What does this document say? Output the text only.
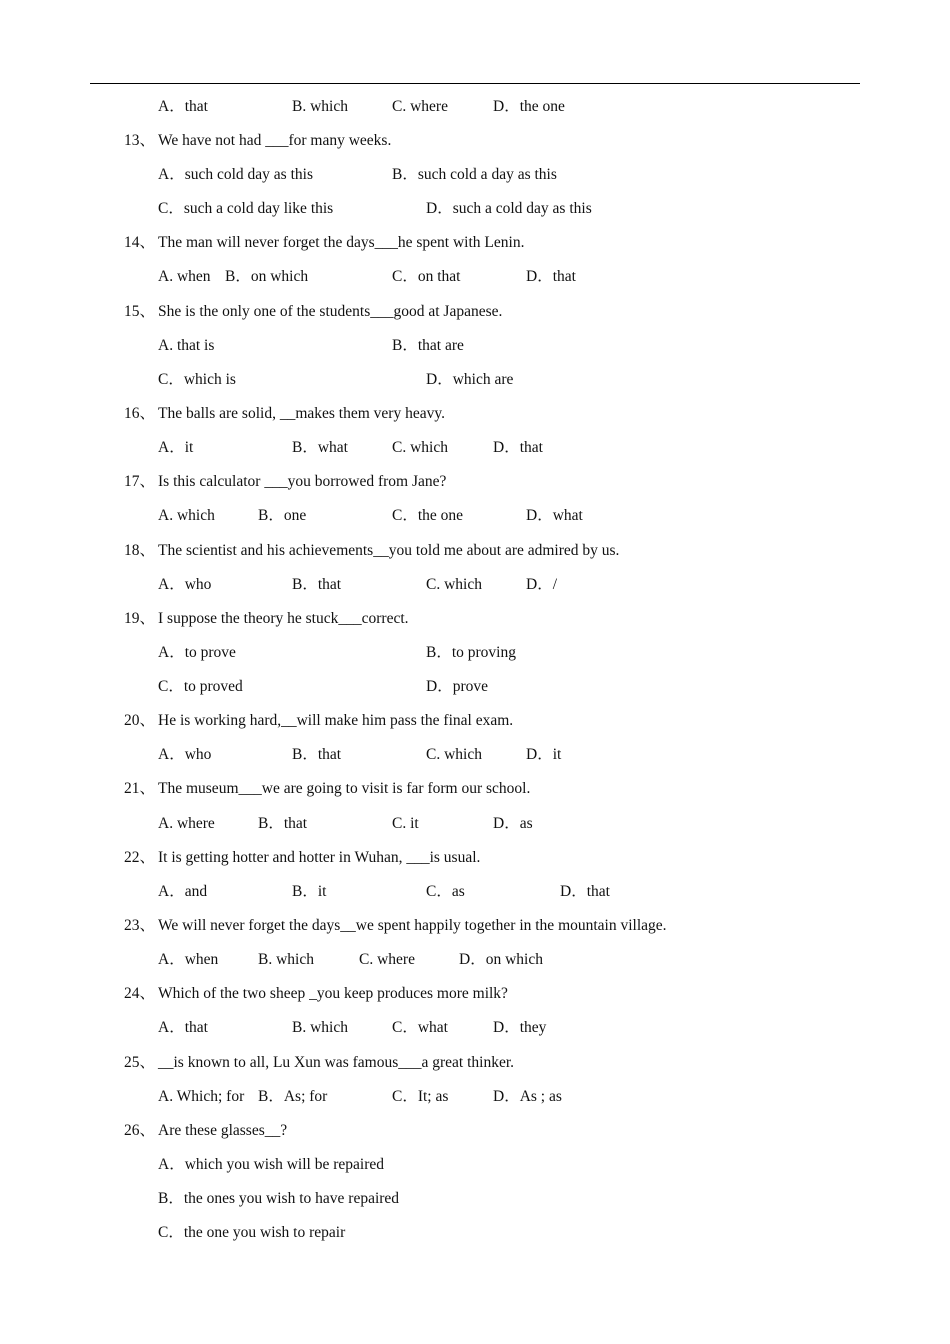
A．that	B. which	C. where	D．the one
13、 We have not had ___for many weeks.
A．such cold day as this	B．such cold a day as this
C．such a cold day like this	D．such a cold day as this
14、 The man will never forget the days___he spent with Lenin.
A. when B．on which	C．on that	D．that
15、 She is the only one of the students___good at Japanese.
A. that is	B．that are
C．which is	D．which are
16、 The balls are solid, __makes them very heavy.
A．it	B．what	C. which	D．that
17、 Is this calculator ___you borrowed from Jane?
A. which	B．one	C．the one	D．what
18、 The scientist and his achievements__you told me about are admired by us.
A．who	B．that	C. which	D．/
19、 I suppose the theory he stuck___correct.
A．to prove	B．to proving
C．to proved	D．prove
20、 He is working hard,__will make him pass the final exam.
A．who	B．that	C. which	D．it
21、 The museum___we are going to visit is far form our school.
A. where	B．that	C. it	D．as
22、 It is getting hotter and hotter in Wuhan, ___is usual.
A．and	B．it	C．as	D．that
23、 We will never forget the days__we spent happily together in the mountain village.
A．when	B. which	C. where	D．on which
24、 Which of the two sheep _you keep produces more milk?
A．that	B. which	C．what	D．they
25、 __is known to all, Lu Xun was famous___a great thinker.
A. Which; for B．As; for	C．It; as	D．As ; as
26、 Are these glasses__?
A．which you wish will be repaired
B．the ones you wish to have repaired
C．the one you wish to repair
